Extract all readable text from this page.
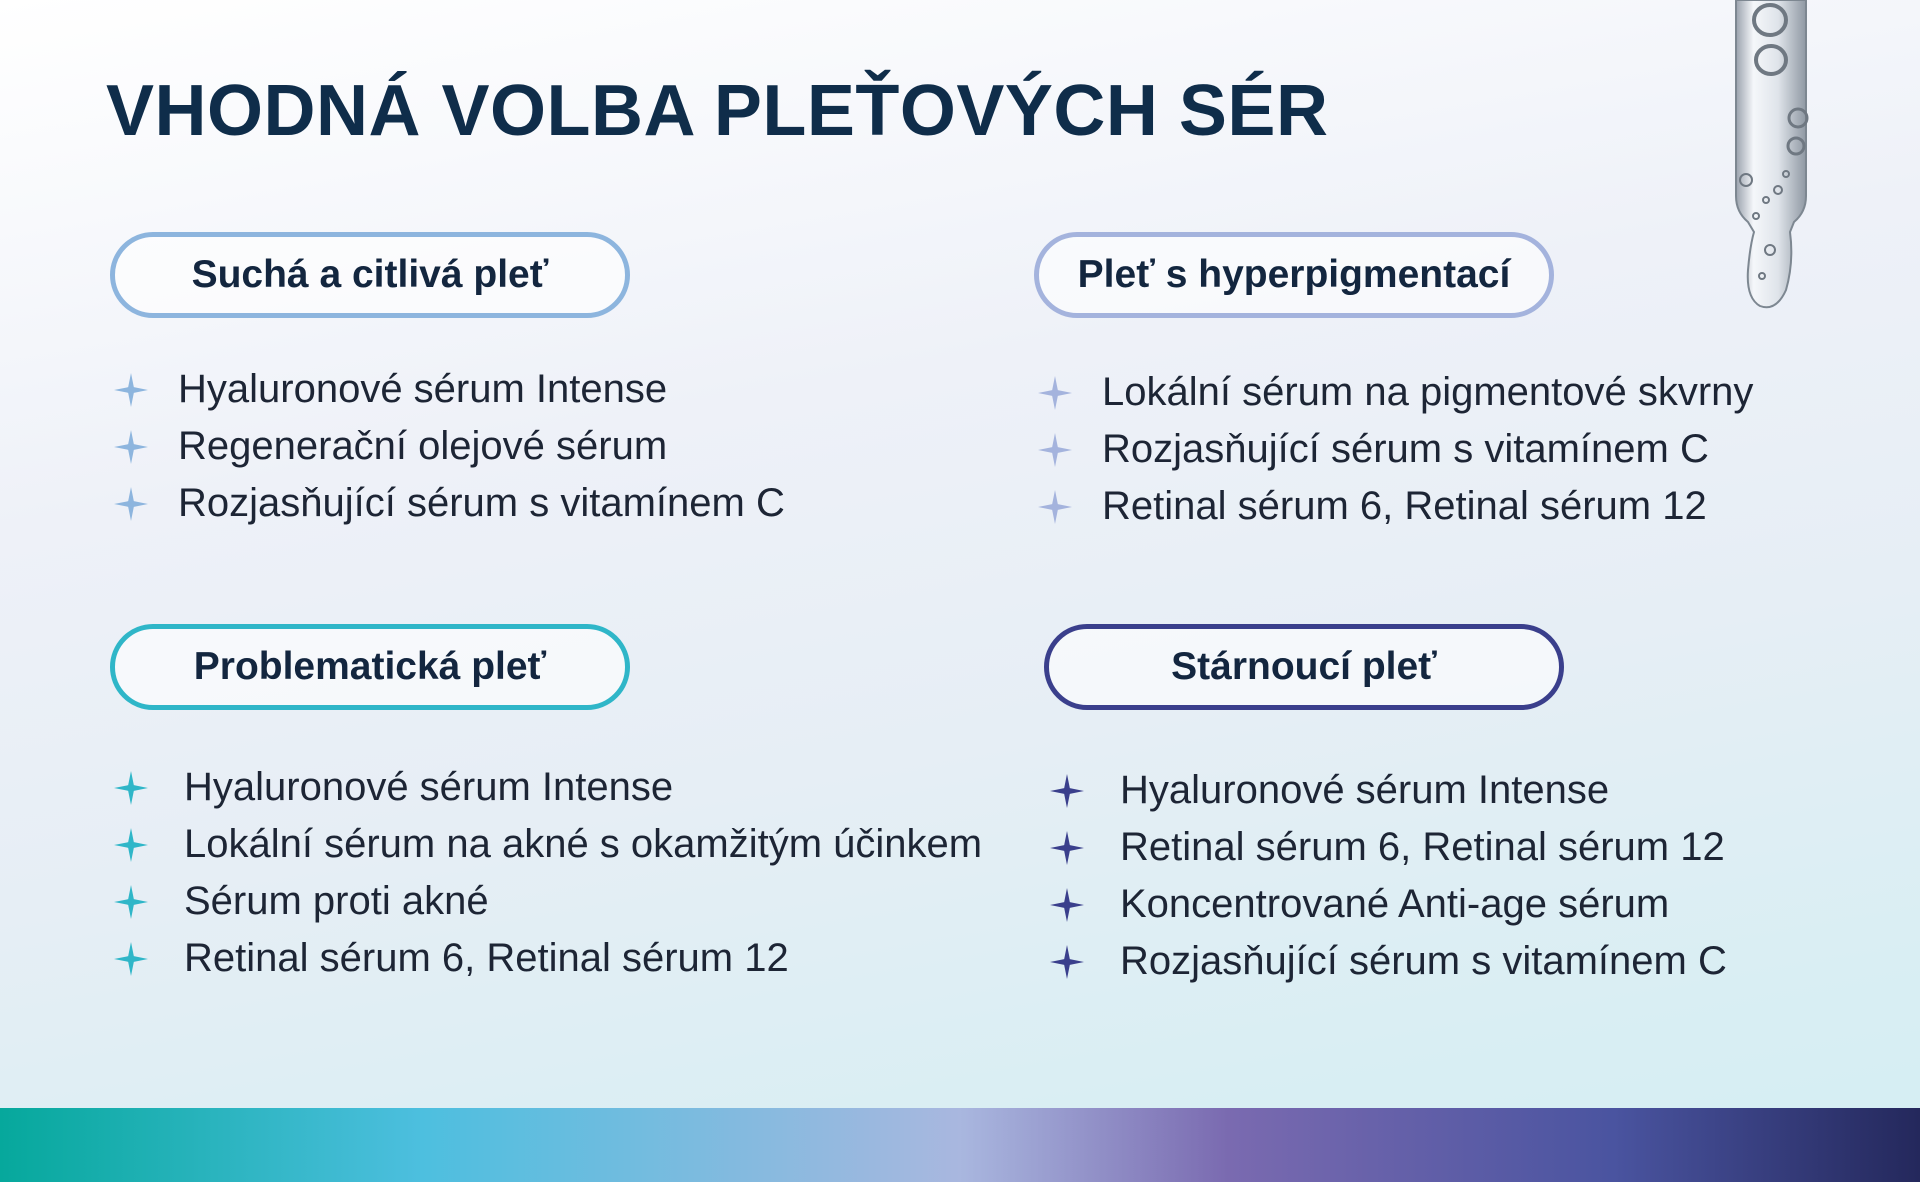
VHODNÁ VOLBA PLEŤOVÝCH SÉR
Suchá a citlivá pleť
Hyaluronové sérum Intense
Regenerační olejové sérum
Rozjasňující sérum s vitamínem C
Pleť s hyperpigmentací
Lokální sérum na pigmentové skvrny
Rozjasňující sérum s vitamínem C
Retinal sérum 6, Retinal sérum 12
Problematická pleť
Hyaluronové sérum Intense
Lokální sérum na akné s okamžitým účinkem
Sérum proti akné
Retinal sérum 6, Retinal sérum 12
Stárnoucí pleť
Hyaluronové sérum Intense
Retinal sérum 6, Retinal sérum 12
Koncentrované Anti-age sérum
Rozjasňující sérum s vitamínem C
